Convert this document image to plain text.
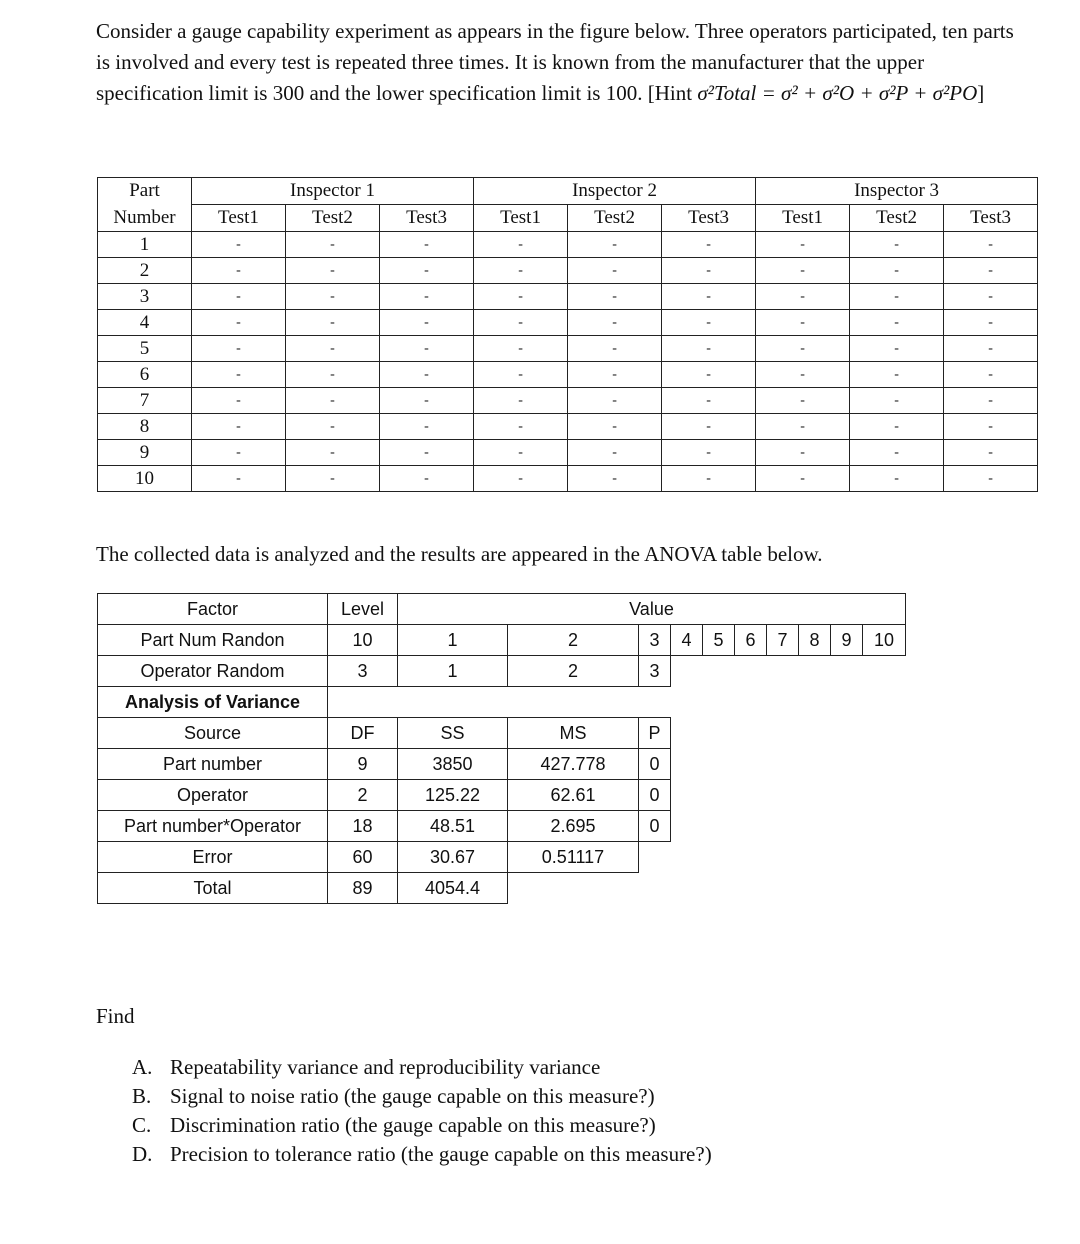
Consider a gauge capability experiment as appears in the figure below. Three operators participated, ten parts is involved and every test is repeated three times. It is known from the manufacturer that the upper specification limit is 300 and the lower specification limit is 100. [Hint σ²Total = σ² + σ²O + σ²P + σ²PO]
Part	Inspector 1			Inspector 2			Inspector 3		
Number	Test1	Test2	Test3	Test1	Test2	Test3	Test1	Test2	Test3
1	-	-	-	-	-	-	-	-	-
2	-	-	-	-	-	-	-	-	-
3	-	-	-	-	-	-	-	-	-
4	-	-	-	-	-	-	-	-	-
5	-	-	-	-	-	-	-	-	-
6	-	-	-	-	-	-	-	-	-
7	-	-	-	-	-	-	-	-	-
8	-	-	-	-	-	-	-	-	-
9	-	-	-	-	-	-	-	-	-
10	-	-	-	-	-	-	-	-	-
The collected data is analyzed and the results are appeared in the ANOVA table below.
Factor	Level	Value									
Part Num Randon	10	1	2	3	4	5	6	7	8	9	10
Operator Random	3	1	2	3							
Analysis of Variance											
Source	DF	SS	MS	P							
Part number	9	3850	427.778	0							
Operator	2	125.22	62.61	0							
Part number*Operator	18	48.51	2.695	0							
Error	60	30.67	0.51117								
Total	89	4054.4									
Find
A. Repeatability variance and reproducibility variance
B. Signal to noise ratio (the gauge capable on this measure?)
C. Discrimination ratio (the gauge capable on this measure?)
D. Precision to tolerance ratio (the gauge capable on this measure?)
